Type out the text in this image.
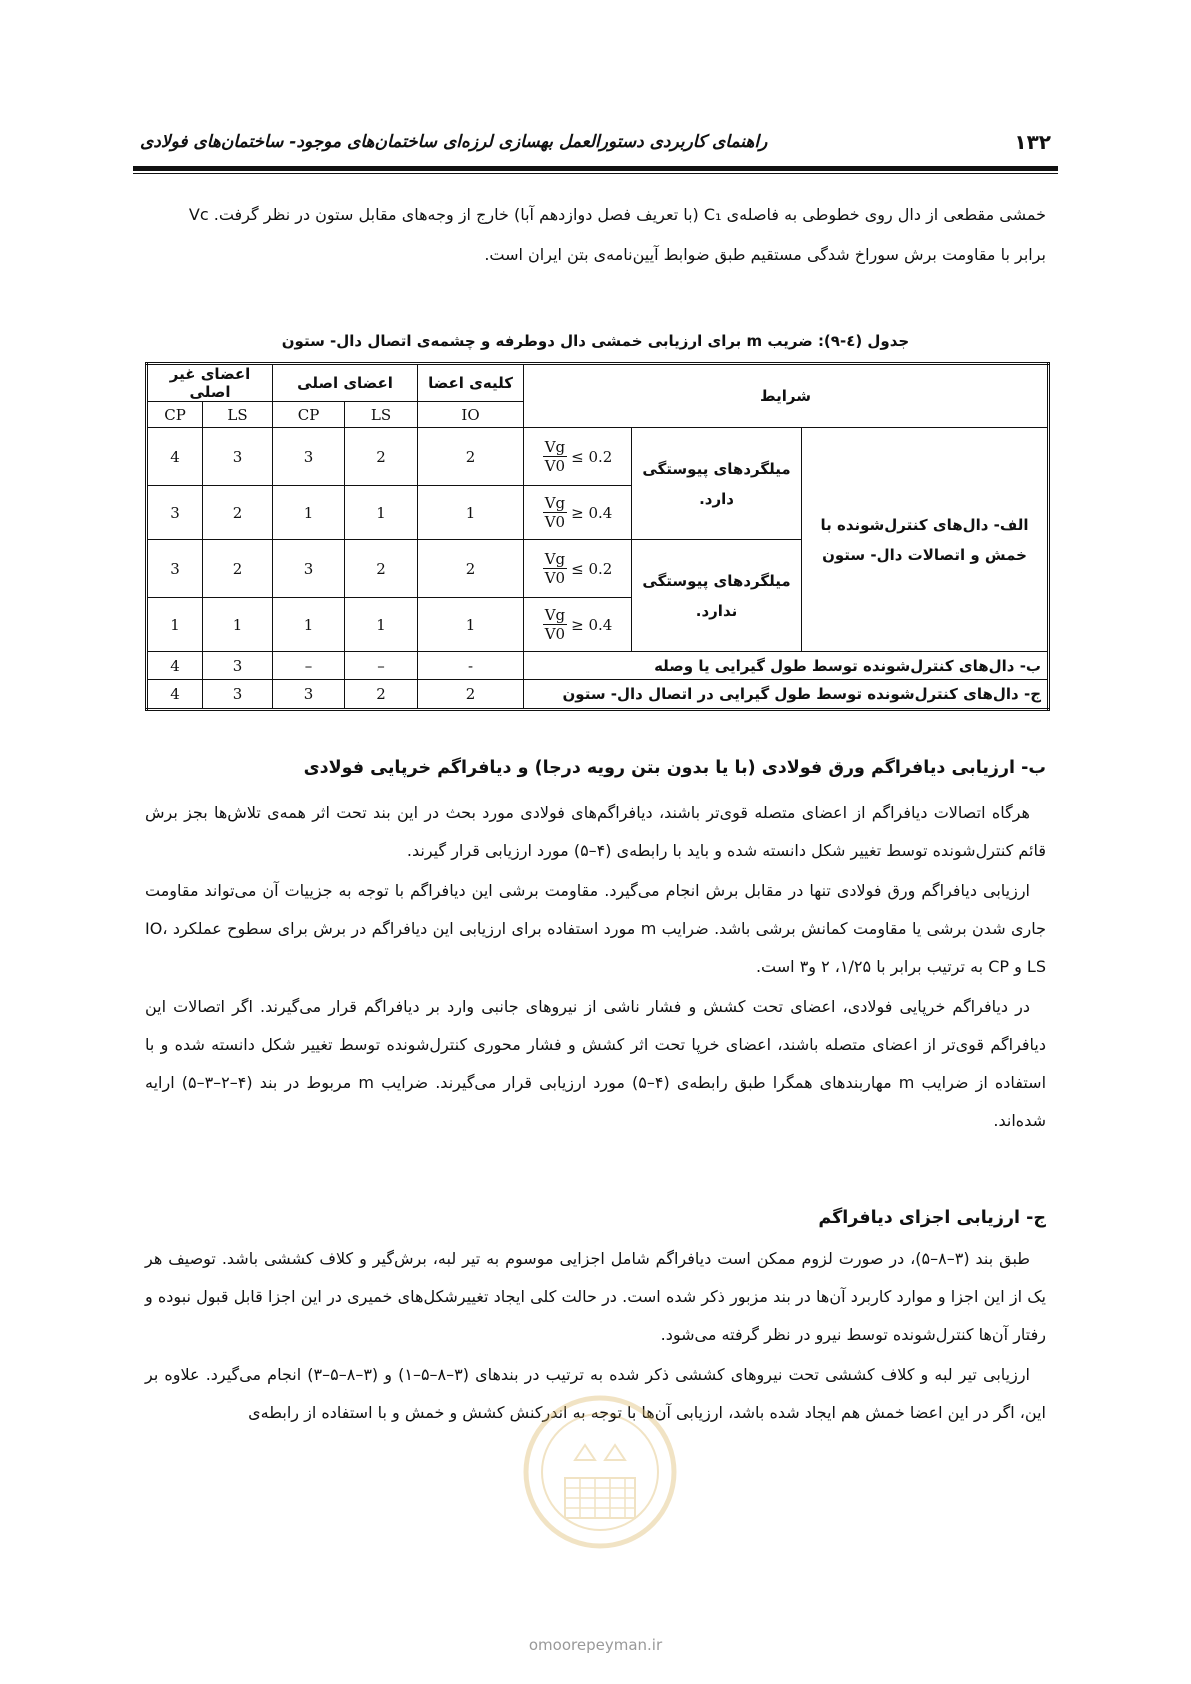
۱۳۲
راهنمای کاربردی دستورالعمل بهسازی لرزه‌ای ساختمان‌های موجود- ساختمان‌های فولادی

خمشی مقطعی از دال روی خطوطی به فاصله‌ی C₁ (با تعریف فصل دوازدهم آبا) خارج از وجه‌های مقابل ستون در نظر گرفت. Vc

برابر با مقاومت برش سوراخ شدگی مستقیم طبق ضوابط آیین‌نامه‌ی بتن ایران است.

جدول (٤-٩): ضریب m برای ارزیابی خمشی دال دوطرفه و چشمه‌ی اتصال دال- ستون
شرایط			کلیه‌ی اعضا	اعضای اصلی		اعضای غیر اصلی	
			IO	LS	CP	LS	CP
الف- دال‌های کنترل‌شونده با خمش و اتصالات دال- ستون	میلگردهای پیوستگی دارد.	$\frac{Vg}{V0} \le 0.2$	2	2	3	3	4

		$\frac{Vg}{V0} \ge 0.4$	1	1	1	2	3
	میلگردهای پیوستگی ندارد.	$\frac{Vg}{V0} \le 0.2$	2	2	3	2	3

		$\frac{Vg}{V0} \ge 0.4$	1	1	1	1	1
ب- دال‌های کنترل‌شونده توسط طول گیرایی یا وصله			-	–	–	3	4
ج- دال‌های کنترل‌شونده توسط طول گیرایی در اتصال دال- ستون			2	2	3	3	4
ب- ارزیابی دیافراگم ورق فولادی (با یا بدون بتن رویه درجا) و دیافراگم خرپایی فولادی

هرگاه اتصالات دیافراگم از اعضای متصله قوی‌تر باشند، دیافراگم‌های فولادی مورد بحث در این بند تحت اثر همه‌ی تلاش‌ها بجز برش قائم کنترل‌شونده توسط تغییر شکل دانسته شده و باید با رابطه‌ی (۴–۵) مورد ارزیابی قرار گیرند.

ارزیابی دیافراگم ورق فولادی تنها در مقابل برش انجام می‌گیرد. مقاومت برشی این دیافراگم با توجه به جزییات آن می‌تواند مقاومت جاری شدن برشی یا مقاومت کمانش برشی باشد. ضرایب m مورد استفاده برای ارزیابی این دیافراگم در برش برای سطوح عملکرد IO، LS و CP به ترتیب برابر با ۱/۲۵، ۲ و۳ است.

در دیافراگم خرپایی فولادی، اعضای تحت کشش و فشار ناشی از نیروهای جانبی وارد بر دیافراگم قرار می‌گیرند. اگر اتصالات این دیافراگم قوی‌تر از اعضای متصله باشند، اعضای خرپا تحت اثر کشش و فشار محوری کنترل‌شونده توسط تغییر شکل دانسته شده و با استفاده از ضرایب m مهاربندهای همگرا طبق رابطه‌ی (۴–۵) مورد ارزیابی قرار می‌گیرند. ضرایب m مربوط در بند (۴–۲–۳–۵) ارایه شده‌اند.

ج- ارزیابی اجزای دیافراگم

طبق بند (۳–۸–۵)، در صورت لزوم ممکن است دیافراگم شامل اجزایی موسوم به تیر لبه، برش‌گیر و کلاف کششی باشد. توصیف هر یک از این اجزا و موارد کاربرد آن‌ها در بند مزبور ذکر شده است. در حالت کلی ایجاد تغییرشکل‌های خمیری در این اجزا قابل قبول نبوده و رفتار آن‌ها کنترل‌شونده توسط نیرو در نظر گرفته می‌شود.

ارزیابی تیر لبه و کلاف کششی تحت نیروهای کششی ذکر شده به ترتیب در بندهای (۳–۸–۵–۱) و (۳–۸–۵–۳) انجام می‌گیرد. علاوه بر این، اگر در این اعضا خمش هم ایجاد شده باشد، ارزیابی آن‌ها با توجه به اندرکنش کشش و خمش و با استفاده از رابطه‌ی

omoorepeyman.ir
